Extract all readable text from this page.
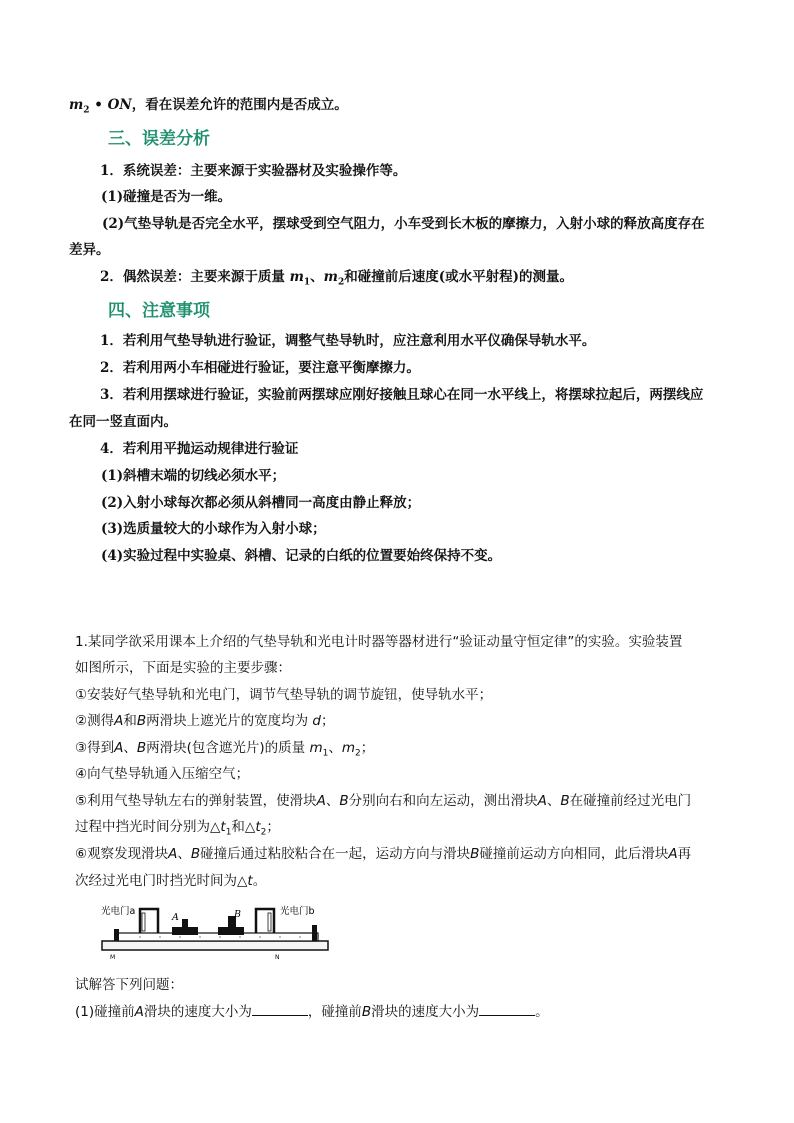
$m_2$ • ON，看在误差允许的范围内是否成立。
三、误差分析
1．系统误差：主要来源于实验器材及实验操作等。
(1)碰撞是否为一维。
(2)气垫导轨是否完全水平，摆球受到空气阻力，小车受到长木板的摩擦力，入射小球的释放高度存在
差异。
2．偶然误差：主要来源于质量 $m_1$、$m_2$和碰撞前后速度(或水平射程)的测量。
四、注意事项
1．若利用气垫导轨进行验证，调整气垫导轨时，应注意利用水平仪确保导轨水平。
2．若利用两小车相碰进行验证，要注意平衡摩擦力。
3．若利用摆球进行验证，实验前两摆球应刚好接触且球心在同一水平线上，将摆球拉起后，两摆线应
在同一竖直面内。
4．若利用平抛运动规律进行验证
(1)斜槽末端的切线必须水平；
(2)入射小球每次都必须从斜槽同一高度由静止释放；
(3)选质量较大的小球作为入射小球；
(4)实验过程中实验桌、斜槽、记录的白纸的位置要始终保持不变。
1.某同学欲采用课本上介绍的气垫导轨和光电计时器等器材进行“验证动量守恒定律”的实验。实验装置
如图所示，下面是实验的主要步骤：
①安装好气垫导轨和光电门，调节气垫导轨的调节旋钮，使导轨水平；
②测得A和B两滑块上遮光片的宽度均为 d；
③得到A、B两滑块(包含遮光片)的质量 $m_1$、$m_2$；
④向气垫导轨通入压缩空气；
⑤利用气垫导轨左右的弹射装置，使滑块A、B分别向右和向左运动，测出滑块A、B在碰撞前经过光电门
过程中挡光时间分别为$\triangle t_1$和$\triangle t_2$；
⑥观察发现滑块A、B碰撞后通过粘胶粘合在一起，运动方向与滑块B碰撞前运动方向相同，此后滑块A再
次经过光电门时挡光时间为△t。
光电门a	光电门b
A	B
M	N
试解答下列问题：
(1)碰撞前A滑块的速度大小为	，碰撞前B滑块的速度大小为	。
